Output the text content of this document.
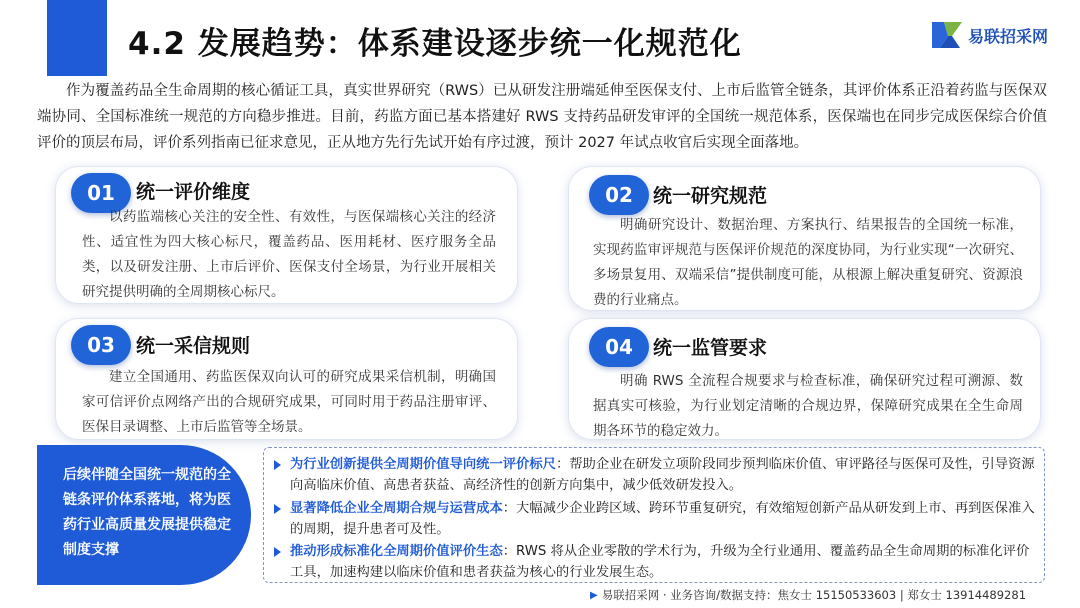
4.2 发展趋势：体系建设逐步统一化规范化	易联招采网

作为覆盖药品全生命周期的核心循证工具，真实世界研究（RWS）已从研发注册端延伸至医保支付、上市后监管全链条，其评价体系正沿着药监与医保双端协同、全国标准统一规范的方向稳步推进。目前，药监方面已基本搭建好 RWS 支持药品研发审评的全国统一规范体系，医保端也在同步完成医保综合价值评价的顶层布局，评价系列指南已征求意见，正从地方先行先试开始有序过渡，预计 2027 年试点收官后实现全面落地。

01	统一评价维度

以药监端核心关注的安全性、有效性，与医保端核心关注的经济性、适宜性为四大核心标尺，覆盖药品、医用耗材、医疗服务全品类，以及研发注册、上市后评价、医保支付全场景，为行业开展相关研究提供明确的全周期核心标尺。

02	统一研究规范

明确研究设计、数据治理、方案执行、结果报告的全国统一标准，实现药监审评规范与医保评价规范的深度协同，为行业实现“一次研究、多场景复用、双端采信”提供制度可能，从根源上解决重复研究、资源浪费的行业痛点。

03	统一采信规则

建立全国通用、药监医保双向认可的研究成果采信机制，明确国家可信评价点网络产出的合规研究成果，可同时用于药品注册审评、医保目录调整、上市后监管等全场景。

04	统一监管要求

明确 RWS 全流程合规要求与检查标准，确保研究过程可溯源、数据真实可核验，为行业划定清晰的合规边界，保障研究成果在全生命周期各环节的稳定效力。

后续伴随全国统一规范的全链条评价体系落地，将为医药行业高质量发展提供稳定制度支撑
为行业创新提供全周期价值导向统一评价标尺：帮助企业在研发立项阶段同步预判临床价值、审评路径与医保可及性，引导资源向高临床价值、高患者获益、高经济性的创新方向集中，减少低效研发投入。
显著降低企业全周期合规与运营成本：大幅减少企业跨区域、跨环节重复研究，有效缩短创新产品从研发到上市、再到医保准入的周期，提升患者可及性。
推动形成标准化全周期价值评价生态：RWS 将从企业零散的学术行为，升级为全行业通用、覆盖药品全生命周期的标准化评价工具，加速构建以临床价值和患者获益为核心的行业发展生态。
▶ 易联招采网 · 业务咨询/数据支持：焦女士 15150533603 | 郑女士 13914489281
